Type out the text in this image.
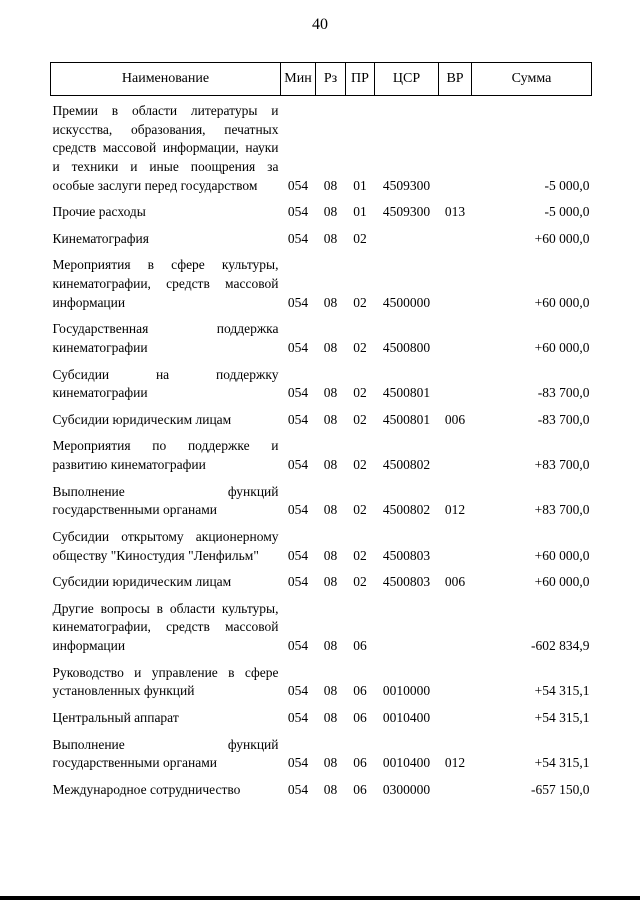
40
Наименование	Мин	Рз	ПР	ЦСР	ВР	Сумма
Премии в области литературы и искусства, образования, печатных средств массовой информации, науки и техники и иные поощрения за особые заслуги перед государством	054	08	01	4509300		-5 000,0
Прочие расходы	054	08	01	4509300	013	-5 000,0
Кинематография	054	08	02			+60 000,0
Мероприятия в сфере культуры, кинематографии, средств массовой информации	054	08	02	4500000		+60 000,0
Государственная поддержка кинематографии	054	08	02	4500800		+60 000,0
Субсидии на поддержку кинематографии	054	08	02	4500801		-83 700,0
Субсидии юридическим лицам	054	08	02	4500801	006	-83 700,0
Мероприятия по поддержке и развитию кинематографии	054	08	02	4500802		+83 700,0
Выполнение функций государственными органами	054	08	02	4500802	012	+83 700,0
Субсидии открытому акционерному обществу "Киностудия "Ленфильм"	054	08	02	4500803		+60 000,0
Субсидии юридическим лицам	054	08	02	4500803	006	+60 000,0
Другие вопросы в области культуры, кинематографии, средств массовой информации	054	08	06			-602 834,9
Руководство и управление в сфере установленных функций	054	08	06	0010000		+54 315,1
Центральный аппарат	054	08	06	0010400		+54 315,1
Выполнение функций государственными органами	054	08	06	0010400	012	+54 315,1
Международное сотрудничество	054	08	06	0300000		-657 150,0
